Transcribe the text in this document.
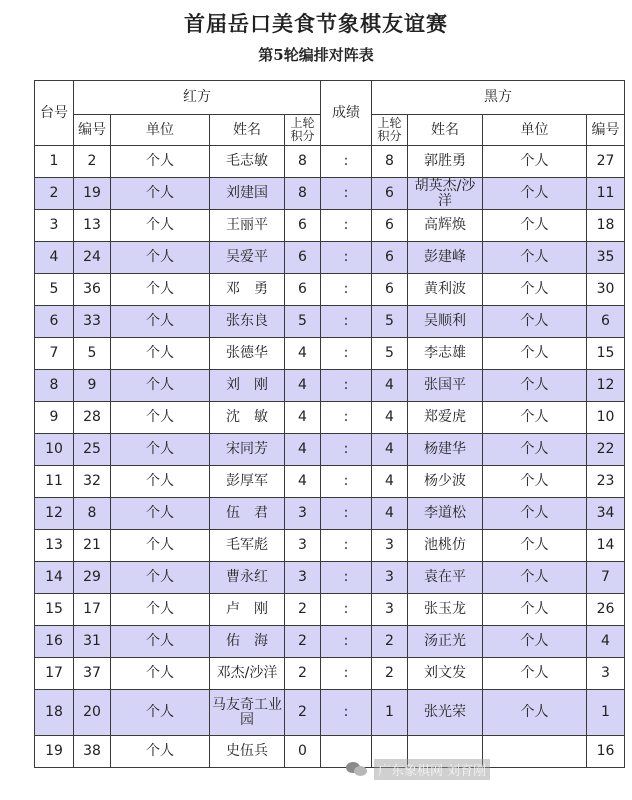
首届岳口美食节象棋友谊赛
第5轮编排对阵表
台号	红方				成绩	黑方			
	编号	单位	姓名	上轮积分		上轮积分	姓名	单位	编号
1	2	个人	毛志敏	8	:	8	郭胜勇	个人	27
2	19	个人	刘建国	8	:	6	胡英杰/沙洋	个人	11
3	13	个人	王丽平	6	:	6	高辉焕	个人	18
4	24	个人	吴爱平	6	:	6	彭建峰	个人	35
5	36	个人	邓　勇	6	:	6	黄利波	个人	30
6	33	个人	张东良	5	:	5	吴顺利	个人	6
7	5	个人	张德华	4	:	5	李志雄	个人	15
8	9	个人	刘　刚	4	:	4	张国平	个人	12
9	28	个人	沈　敏	4	:	4	郑爱虎	个人	10
10	25	个人	宋同芳	4	:	4	杨建华	个人	22
11	32	个人	彭厚军	4	:	4	杨少波	个人	23
12	8	个人	伍　君	3	:	4	李道松	个人	34
13	21	个人	毛军彪	3	:	3	池桃仿	个人	14
14	29	个人	曹永红	3	:	3	袁在平	个人	7
15	17	个人	卢　刚	2	:	3	张玉龙	个人	26
16	31	个人	佑　海	2	:	2	汤正光	个人	4
17	37	个人	邓杰/沙洋	2	:	2	刘文发	个人	3
18	20	个人	马友奇工业园	2	:	1	张光荣	个人	1
19	38	个人	史伍兵	0					16
广东象棋网 刘育刚
